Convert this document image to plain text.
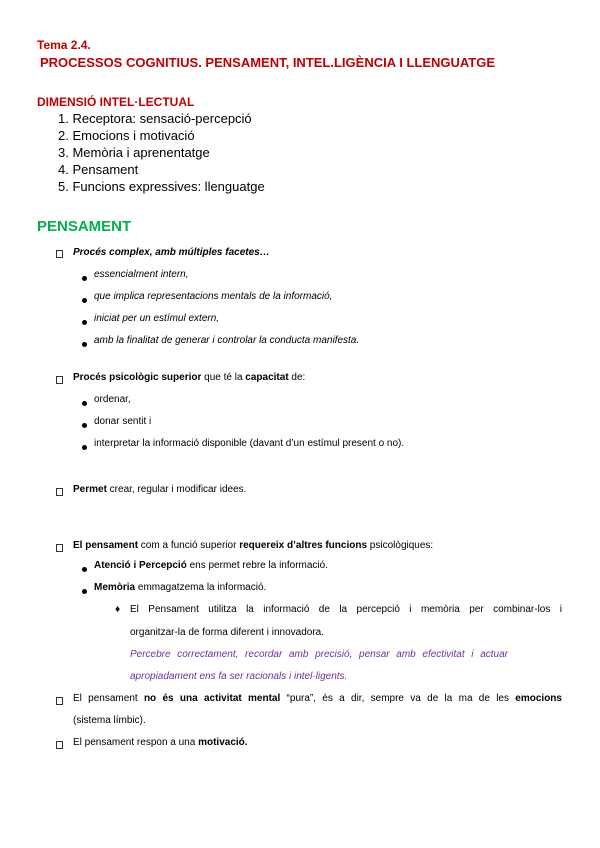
Tema 2.4.
PROCESSOS COGNITIUS. PENSAMENT, INTEL.LIGÈNCIA I LLENGUATGE
DIMENSIÓ INTEL·LECTUAL
1. Receptora: sensació-percepció
2. Emocions i motivació
3. Memòria i aprenentatge
4. Pensament
5. Funcions expressives: llenguatge
PENSAMENT
Procés complex, amb múltiples facetes…
essencialment intern,
que implica representacions mentals de la informació,
iniciat per un estímul extern,
amb la finalitat de generar i controlar la conducta manifesta.
Procés psicològic superior que té la capacitat de:
ordenar,
donar sentit i
interpretar la informació disponible (davant d’un estímul present o no).
Permet crear, regular i modificar idees.
El pensament com a funció superior requereix d’altres funcions psicològiques:
Atenció i Percepció ens permet rebre la informació.
Memòria emmagatzema la informació.
♦ El Pensament utilitza la informació de la percepció i memòria per combinar-los i
organitzar-la de forma diferent i innovadora.
Percebre correctament, recordar amb precisió, pensar amb efectivitat i actuar
apropiadament ens fa ser racionals i intel·ligents.
El pensament no és una activitat mental “pura”, és a dir, sempre va de la ma de les emocions
(sistema límbic).
El pensament respon a una motivació.
